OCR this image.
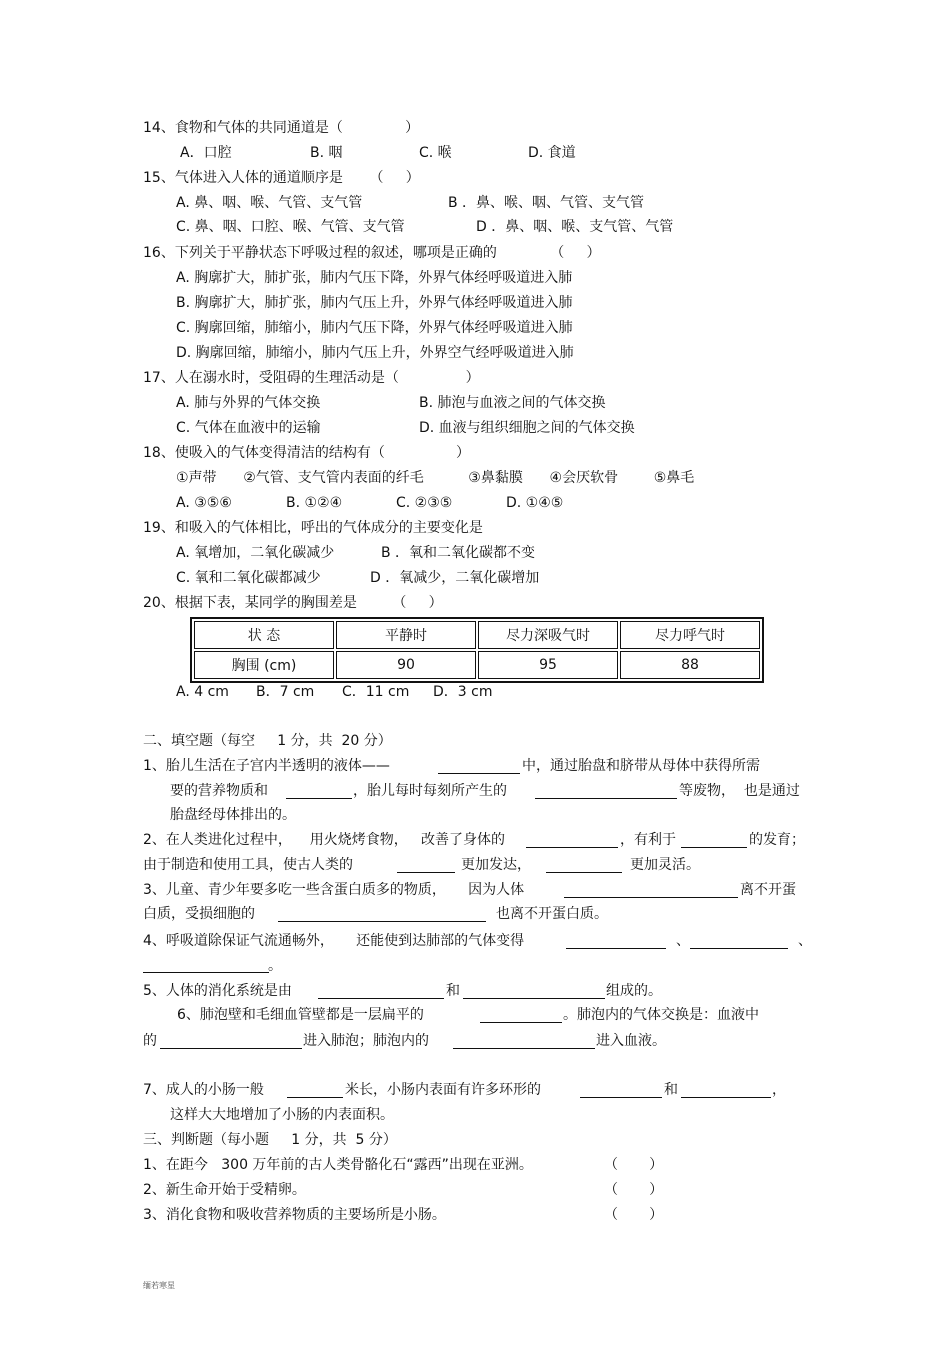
14、食物和气体的共同通道是（              ）
A．口腔	B. 咽	C. 喉	D. 食道
15、气体进入人体的通道顺序是      （     ）
A. 鼻、咽、喉、气管、支气管	B ．鼻、喉、咽、气管、支气管
C. 鼻、咽、口腔、喉、气管、支气管	D ．鼻、咽、喉、支气管、气管
16、下列关于平静状态下呼吸过程的叙述，哪项是正确的            （     ）
A. 胸廓扩大，肺扩张，肺内气压下降，外界气体经呼吸道进入肺
B. 胸廓扩大，肺扩张，肺内气压上升，外界气体经呼吸道进入肺
C. 胸廓回缩，肺缩小，肺内气压下降，外界气体经呼吸道进入肺
D. 胸廓回缩，肺缩小，肺内气压上升，外界空气经呼吸道进入肺
17、人在溺水时，受阻碍的生理活动是（               ）
A. 肺与外界的气体交换	B. 肺泡与血液之间的气体交换
C. 气体在血液中的运输	D. 血液与组织细胞之间的气体交换
18、使吸入的气体变得清洁的结构有（                ）
①声带      ②气管、支气管内表面的纤毛          ③鼻黏膜      ④会厌软骨        ⑤鼻毛
A. ③⑤⑥	B. ①②④	C. ②③⑤	D. ①④⑤
19、和吸入的气体相比，呼出的气体成分的主要变化是
A. 氧增加，二氧化碳减少	B ．氧和二氧化碳都不变
C. 氧和二氧化碳都减少	D ．氧减少，二氧化碳增加
20、根据下表，某同学的胸围差是        （     ）
状 态	平静时	尽力深吸气时	尽力呼气时
胸围 (cm)	90	95	88
A. 4 cm B．7 cm C．11 cm D．3 cm
二、填空题（每空     1 分，共  20 分）
1、胎儿生活在子宫内半透明的液体——	中，通过胎盘和脐带从母体中获得所需
要的营养物质和	，胎儿每时每刻所产生的	等废物，  也是通过
胎盘经母体排出的。
2、在人类进化过程中，    用火烧烤食物，   改善了身体的	，有利于	的发育；
由于制造和使用工具，使古人类的	更加发达，	更加灵活。
3、儿童、青少年要多吃一些含蛋白质多的物质，     因为人体	离不开蛋
白质，受损细胞的	也离不开蛋白质。
4、呼吸道除保证气流通畅外，     还能使到达肺部的气体变得	、	、
。
5、人体的消化系统是由	和	组成的。
6、肺泡壁和毛细血管壁都是一层扁平的	。肺泡内的气体交换是：血液中
的	进入肺泡；肺泡内的	进入血液。
7、成人的小肠一般	米长，小肠内表面有许多环形的	和	，
这样大大地增加了小肠的内表面积。
三、判断题（每小题     1 分，共  5 分）
1、在距今   300 万年前的古人类骨骼化石“露西”出现在亚洲。	（       ）
2、新生命开始于受精卵。	（       ）
3、消化食物和吸收营养物质的主要场所是小肠。	（       ）
缅若寒星
